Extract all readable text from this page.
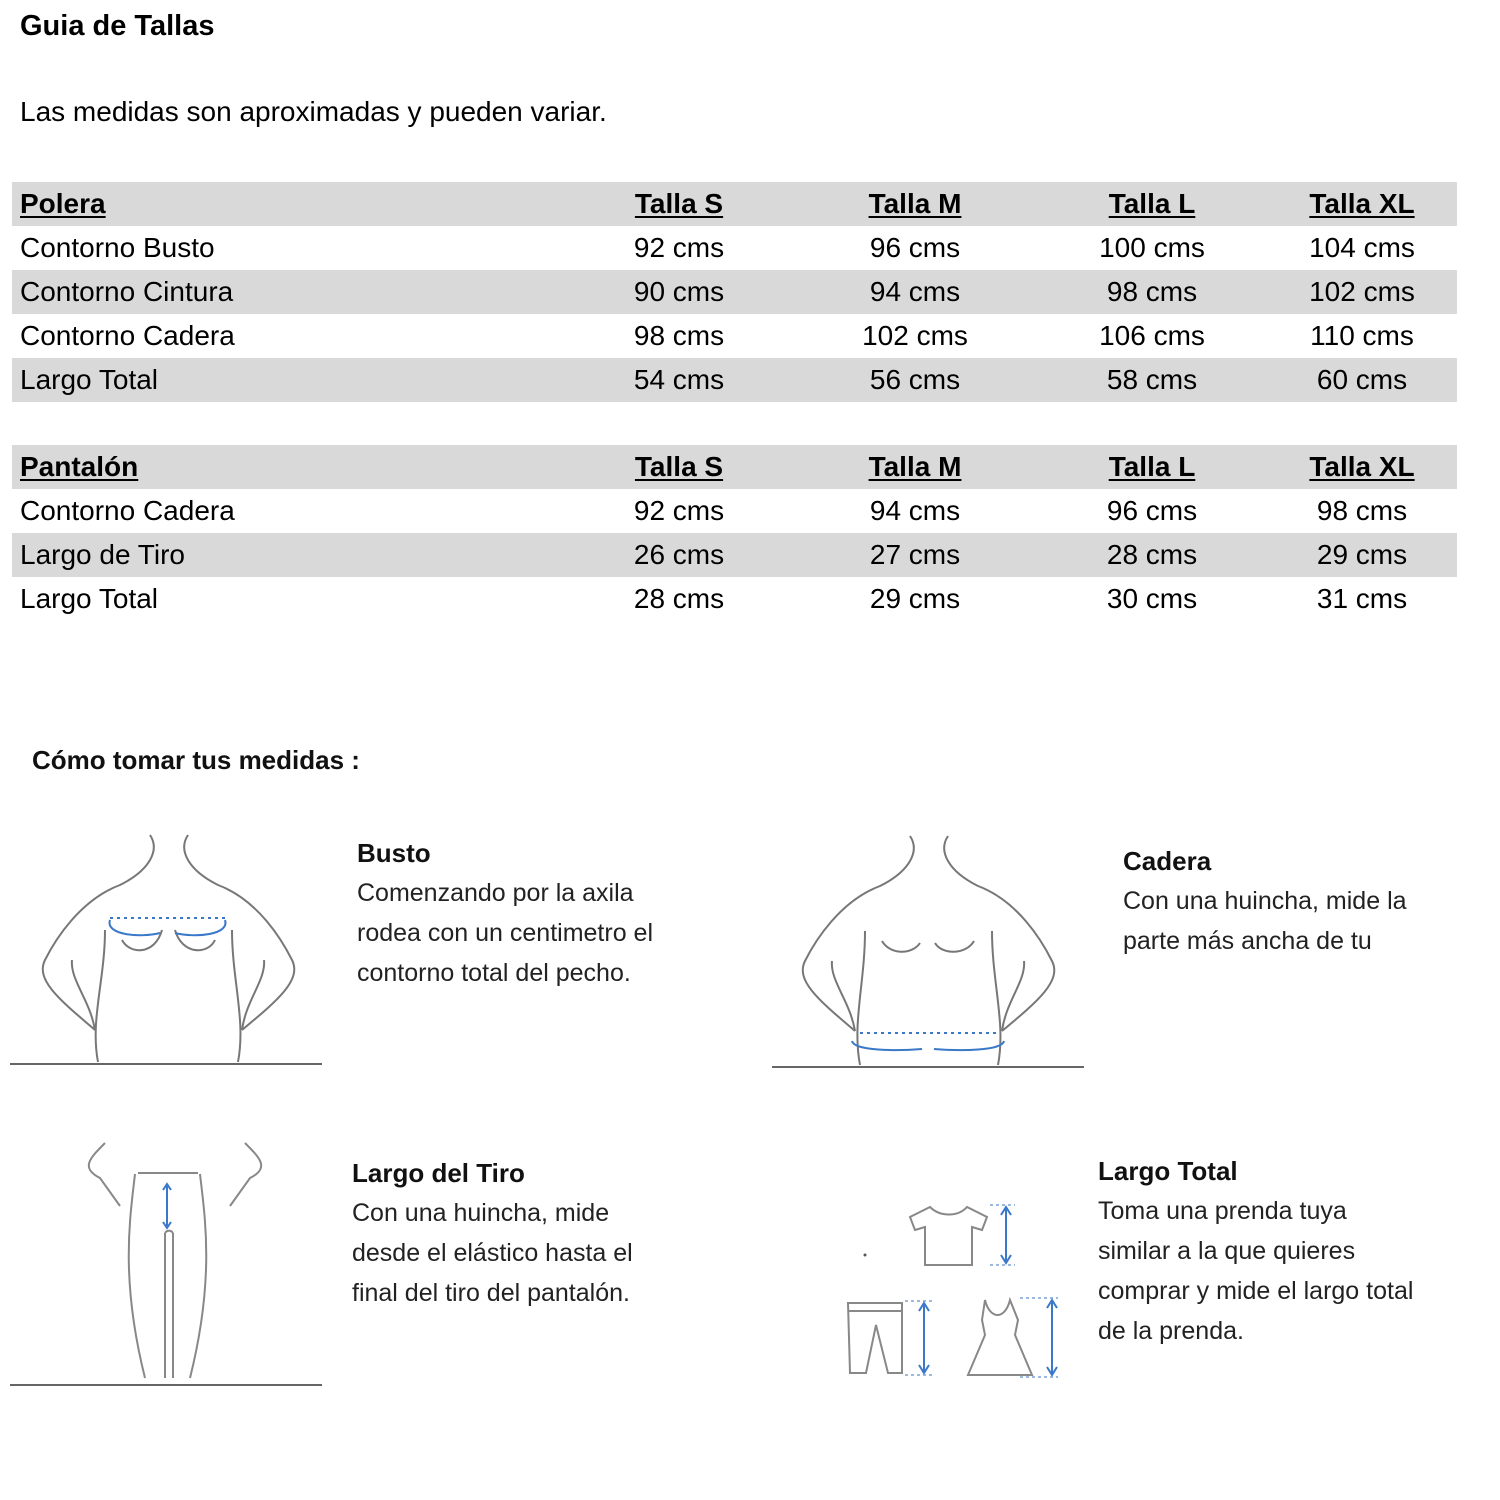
Guia de Tallas
Las medidas son aproximadas y pueden variar.
Polera	Talla S	Talla M	Talla L	Talla XL
Contorno Busto	92 cms	96 cms	100 cms	104 cms
Contorno Cintura	90 cms	94 cms	98 cms	102 cms
Contorno Cadera	98 cms	102 cms	106 cms	110 cms
Largo Total	54 cms	56 cms	58 cms	60 cms
Pantalón	Talla S	Talla M	Talla L	Talla XL
Contorno Cadera	92 cms	94 cms	96 cms	98 cms
Largo de Tiro	26 cms	27 cms	28 cms	29 cms
Largo Total	28 cms	29 cms	30 cms	31 cms
Cómo tomar tus medidas :
Busto

Comenzando por la axila

rodea con un centimetro el

contorno total del pecho.

Cadera

Con una huincha, mide la

parte más ancha de tu

Largo del Tiro

Con una huincha, mide

desde el elástico hasta el

final del tiro del pantalón.

Largo Total

Toma una prenda tuya

similar a la que quieres

comprar y mide el largo total

de la prenda.
